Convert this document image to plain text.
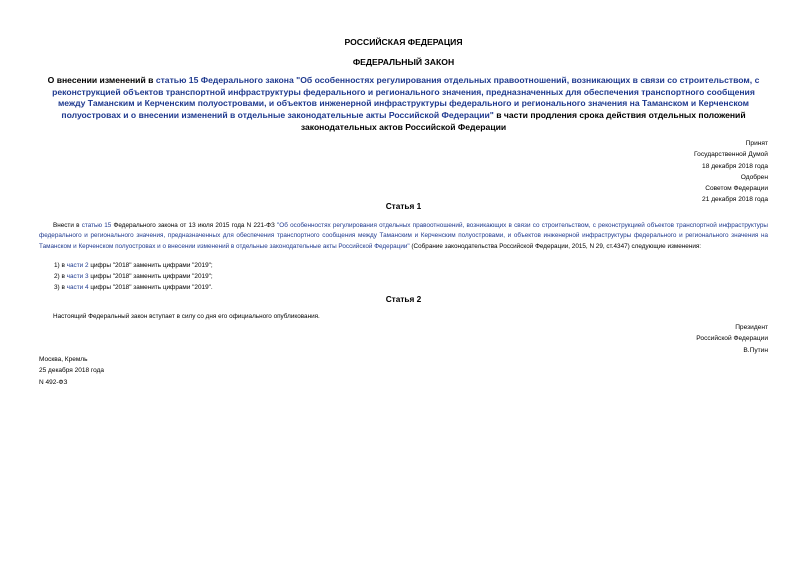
РОССИЙСКАЯ ФЕДЕРАЦИЯ
ФЕДЕРАЛЬНЫЙ ЗАКОН
О внесении изменений в статью 15 Федерального закона "Об особенностях регулирования отдельных правоотношений, возникающих в связи со строительством, с реконструкцией объектов транспортной инфраструктуры федерального и регионального значения, предназначенных для обеспечения транспортного сообщения между Таманским и Керченским полуостровами, и объектов инженерной инфраструктуры федерального и регионального значения на Таманском и Керченском полуостровах и о внесении изменений в отдельные законодательные акты Российской Федерации" в части продления срока действия отдельных положений законодательных актов Российской Федерации
Принят
Государственной Думой
18 декабря 2018 года
Одобрен
Советом Федерации
21 декабря 2018 года
Статья 1
Внести в статью 15 Федерального закона от 13 июля 2015 года N 221-ФЗ "Об особенностях регулирования отдельных правоотношений, возникающих в связи со строительством, с реконструкцией объектов транспортной инфраструктуры федерального и регионального значения, предназначенных для обеспечения транспортного сообщения между Таманским и Керченским полуостровами, и объектов инженерной инфраструктуры федерального и регионального значения на Таманском и Керченском полуостровах и о внесении изменений в отдельные законодательные акты Российской Федерации" (Собрание законодательства Российской Федерации, 2015, N 29, ст.4347) следующие изменения:
1) в части 2 цифры "2018" заменить цифрами "2019";
2) в части 3 цифры "2018" заменить цифрами "2019";
3) в части 4 цифры "2018" заменить цифрами "2019".
Статья 2
Настоящий Федеральный закон вступает в силу со дня его официального опубликования.
Президент
Российской Федерации
В.Путин
Москва, Кремль
25 декабря 2018 года
N 492-ФЗ
